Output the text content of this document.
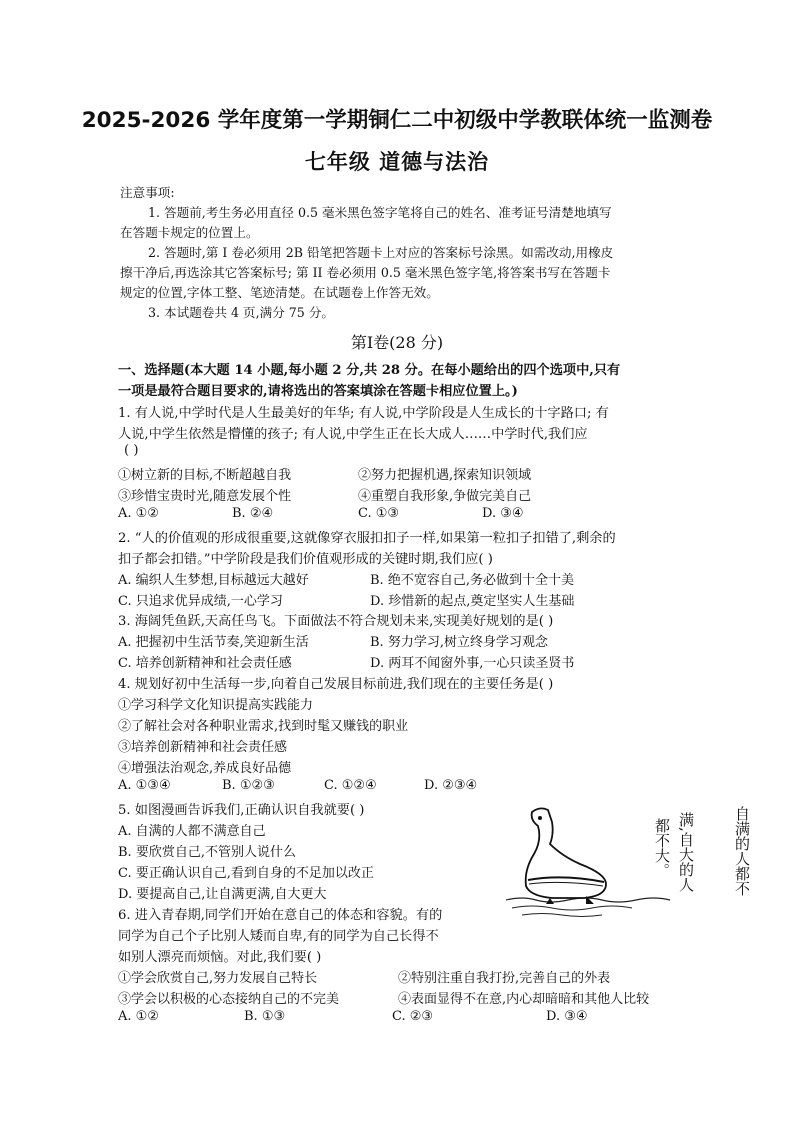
2025-2026 学年度第一学期铜仁二中初级中学教联体统一监测卷
七年级 道德与法治
注意事项:
1. 答题前,考生务必用直径 0.5 毫米黑色签字笔将自己的姓名、准考证号清楚地填写
在答题卡规定的位置上。
2. 答题时,第 I 卷必须用 2B 铅笔把答题卡上对应的答案标号涂黑。如需改动,用橡皮
擦干净后,再选涂其它答案标号; 第 II 卷必须用 0.5 毫米黑色签字笔,将答案书写在答题卡
规定的位置,字体工整、笔迹清楚。在试题卷上作答无效。
3. 本试题卷共 4 页,满分 75 分。
第Ⅰ卷(28 分)
一、选择题(本大题 14 小题,每小题 2 分,共 28 分。在每小题给出的四个选项中,只有
一项是最符合题目要求的,请将选出的答案填涂在答题卡相应位置上。)
1. 有人说,中学时代是人生最美好的年华; 有人说,中学阶段是人生成长的十字路口; 有
人说,中学生依然是懵懂的孩子; 有人说,中学生正在长大成人……中学时代,我们应
( )
①树立新的目标,不断超越自我	②努力把握机遇,探索知识领域
③珍惜宝贵时光,随意发展个性	④重塑自我形象,争做完美自己
A. ①②	B. ②④	C. ①③	D. ③④
2. “人的价值观的形成很重要,这就像穿衣服扣扣子一样,如果第一粒扣子扣错了,剩余的
扣子都会扣错。”中学阶段是我们价值观形成的关键时期,我们应( )
A. 编织人生梦想,目标越远大越好	B. 绝不宽容自己,务必做到十全十美
C. 只追求优异成绩,一心学习	D. 珍惜新的起点,奠定坚实人生基础
3. 海阔凭鱼跃,天高任鸟飞。下面做法不符合规划未来,实现美好规划的是( )
A. 把握初中生活节奏,笑迎新生活	B. 努力学习,树立终身学习观念
C. 培养创新精神和社会责任感	D. 两耳不闻窗外事,一心只读圣贤书
4. 规划好初中生活每一步,向着自己发展目标前进,我们现在的主要任务是( )
①学习科学文化知识提高实践能力
②了解社会对各种职业需求,找到时髦又赚钱的职业
③培养创新精神和社会责任感
④增强法治观念,养成良好品德
A. ①③④	B. ①②③	C. ①②④	D. ②③④
5. 如图漫画告诉我们,正确认识自我就要( )
A. 自满的人都不满意自己
B. 要欣赏自己,不管别人说什么
C. 要正确认识自己,看到自身的不足加以改正
D. 要提高自己,让自满更满,自大更大	自满的人都不
满,自大的人
都不大。
6. 进入青春期,同学们开始在意自己的体态和容貌。有的
同学为自己个子比别人矮而自卑,有的同学为自己长得不
如别人漂亮而烦恼。对此,我们要( )
①学会欣赏自己,努力发展自己特长	②特别注重自我打扮,完善自己的外表
③学会以积极的心态接纳自己的不完美	④表面显得不在意,内心却暗暗和其他人比较
A. ①②	B. ①③	C. ②③	D. ③④
